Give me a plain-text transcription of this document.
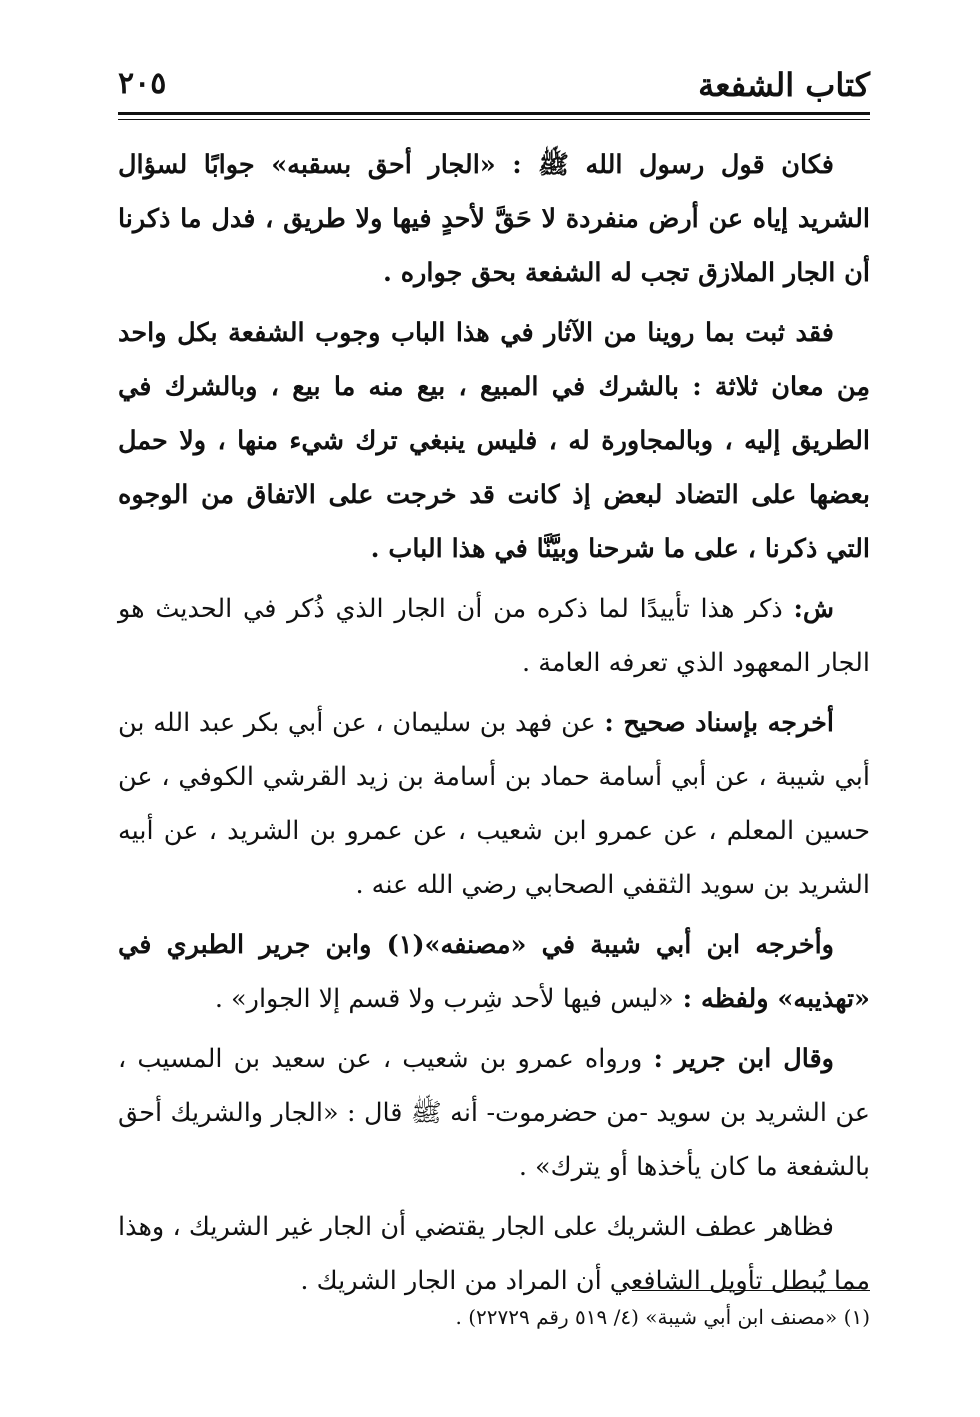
كتاب الشفعة
٢٠٥

فكان قول رسول الله ﷺ : «الجار أحق بسقبه» جوابًا لسؤال الشريد إياه عن أرض منفردة لا حَقَّ لأحدٍ فيها ولا طريق ، فدل ما ذكرنا أن الجار الملازق تجب له الشفعة بحق جواره .

فقد ثبت بما روينا من الآثار في هذا الباب وجوب الشفعة بكل واحد مِن معان ثلاثة : بالشرك في المبيع ، بيع منه ما بيع ، وبالشرك في الطريق إليه ، وبالمجاورة له ، فليس ينبغي ترك شيء منها ، ولا حمل بعضها على التضاد لبعض إذ كانت قد خرجت على الاتفاق من الوجوه التي ذكرنا ، على ما شرحنا وبيَّنَّا في هذا الباب .

ش: ذكر هذا تأييدًا لما ذكره من أن الجار الذي ذُكر في الحديث هو الجار المعهود الذي تعرفه العامة .

أخرجه بإسناد صحيح : عن فهد بن سليمان ، عن أبي بكر عبد الله بن أبي شيبة ، عن أبي أسامة حماد بن أسامة بن زيد القرشي الكوفي ، عن حسين المعلم ، عن عمرو ابن شعيب ، عن عمرو بن الشريد ، عن أبيه الشريد بن سويد الثقفي الصحابي رضي الله عنه .

وأخرجه ابن أبي شيبة في «مصنفه»(١) وابن جرير الطبري في «تهذيبه» ولفظه : «ليس فيها لأحد شِرب ولا قسم إلا الجوار» .

وقال ابن جرير : ورواه عمرو بن شعيب ، عن سعيد بن المسيب ، عن الشريد بن سويد -من حضرموت- أنه ﷺ قال : «الجار والشريك أحق بالشفعة ما كان يأخذها أو يترك» .

فظاهر عطف الشريك على الجار يقتضي أن الجار غير الشريك ، وهذا مما يُبطل تأويل الشافعي أن المراد من الجار الشريك .

(١) «مصنف ابن أبي شيبة» (٤/ ٥١٩ رقم ٢٢٧٢٩) .
